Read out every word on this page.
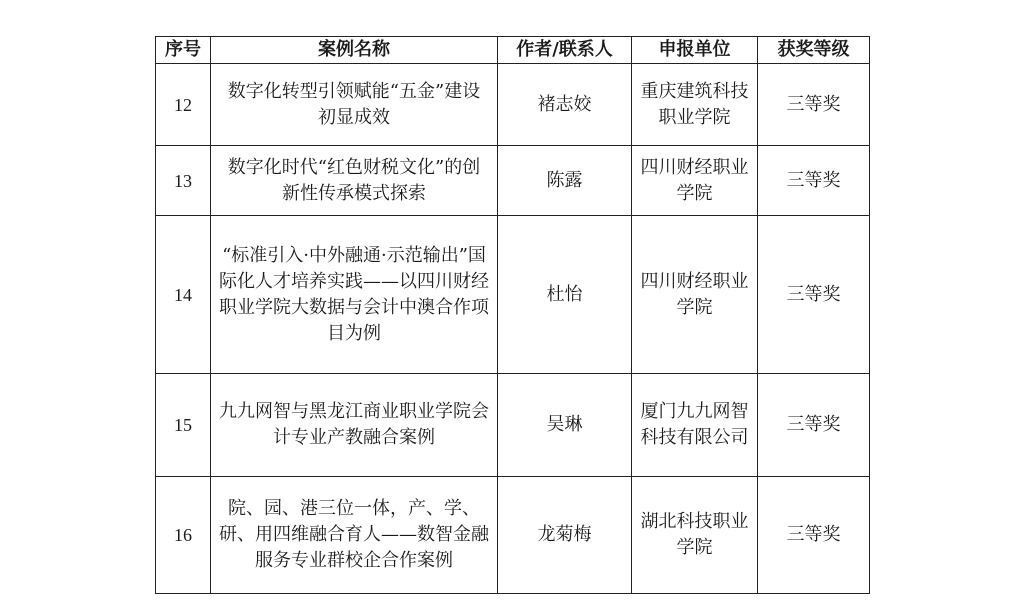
序号	案例名称	作者/联系人	申报单位	获奖等级
12	数字化转型引领赋能“五金”建设初显成效	褚志姣	重庆建筑科技职业学院	三等奖
13	数字化时代“红色财税文化”的创新性传承模式探索	陈露	四川财经职业学院	三等奖
14	“标准引入·中外融通·示范输出”国际化人才培养实践——以四川财经职业学院大数据与会计中澳合作项目为例	杜怡	四川财经职业学院	三等奖
15	九九网智与黑龙江商业职业学院会计专业产教融合案例	吴琳	厦门九九网智科技有限公司	三等奖
16	院、园、港三位一体，产、学、研、用四维融合育人——数智金融服务专业群校企合作案例	龙菊梅	湖北科技职业学院	三等奖
